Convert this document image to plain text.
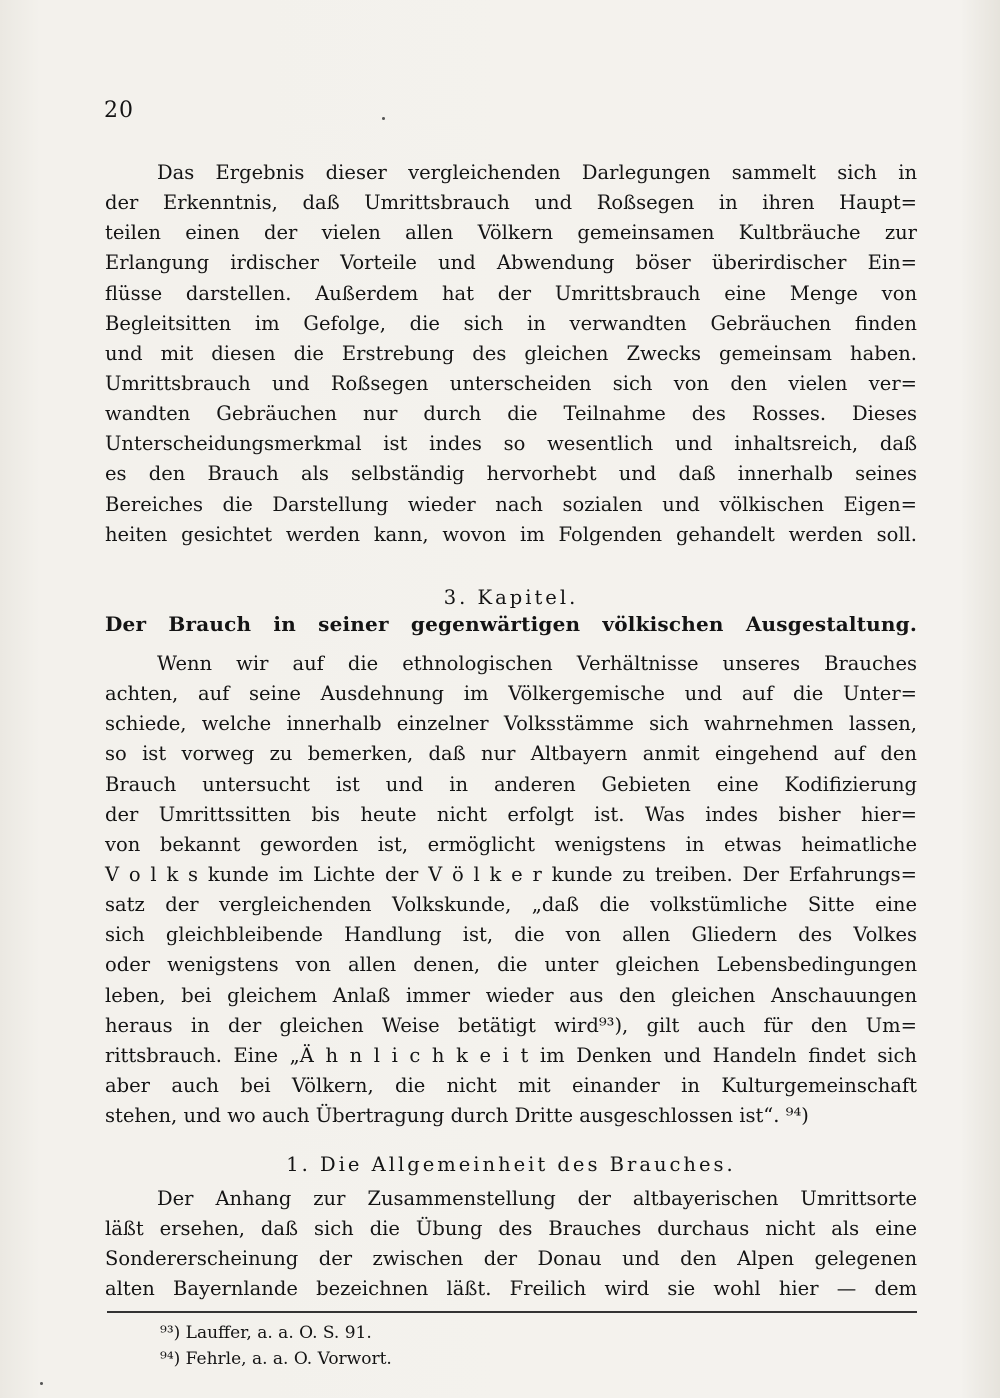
20
Das Ergebnis dieser vergleichenden Darlegungen sammelt sich in
der Erkenntnis, daß Umrittsbrauch und Roßsegen in ihren Haupt=
teilen einen der vielen allen Völkern gemeinsamen Kultbräuche zur
Erlangung irdischer Vorteile und Abwendung böser überirdischer Ein=
flüsse darstellen. Außerdem hat der Umrittsbrauch eine Menge von
Begleitsitten im Gefolge, die sich in verwandten Gebräuchen finden
und mit diesen die Erstrebung des gleichen Zwecks gemeinsam haben.
Umrittsbrauch und Roßsegen unterscheiden sich von den vielen ver=
wandten Gebräuchen nur durch die Teilnahme des Rosses. Dieses
Unterscheidungsmerkmal ist indes so wesentlich und inhaltsreich, daß
es den Brauch als selbständig hervorhebt und daß innerhalb seines
Bereiches die Darstellung wieder nach sozialen und völkischen Eigen=
heiten gesichtet werden kann, wovon im Folgenden gehandelt werden soll.
3. Kapitel.
Der Brauch in seiner gegenwärtigen völkischen Ausgestaltung.
Wenn wir auf die ethnologischen Verhältnisse unseres Brauches
achten, auf seine Ausdehnung im Völkergemische und auf die Unter=
schiede, welche innerhalb einzelner Volksstämme sich wahrnehmen lassen,
so ist vorweg zu bemerken, daß nur Altbayern anmit eingehend auf den
Brauch untersucht ist und in anderen Gebieten eine Kodifizierung
der Umrittssitten bis heute nicht erfolgt ist. Was indes bisher hier=
von bekannt geworden ist, ermöglicht wenigstens in etwas heimatliche
V o l k s kunde im Lichte der V ö l k e r kunde zu treiben. Der Erfahrungs=
satz der vergleichenden Volkskunde, „daß die volkstümliche Sitte eine
sich gleichbleibende Handlung ist, die von allen Gliedern des Volkes
oder wenigstens von allen denen, die unter gleichen Lebensbedingungen
leben, bei gleichem Anlaß immer wieder aus den gleichen Anschauungen
heraus in der gleichen Weise betätigt wird⁹³), gilt auch für den Um=
rittsbrauch. Eine „Ä h n l i c h k e i t im Denken und Handeln findet sich
aber auch bei Völkern, die nicht mit einander in Kulturgemeinschaft
stehen, und wo auch Übertragung durch Dritte ausgeschlossen ist“. ⁹⁴)
1. Die Allgemeinheit des Brauches.
Der Anhang zur Zusammenstellung der altbayerischen Umrittsorte
läßt ersehen, daß sich die Übung des Brauches durchaus nicht als eine
Sondererscheinung der zwischen der Donau und den Alpen gelegenen
alten Bayernlande bezeichnen läßt. Freilich wird sie wohl hier — dem
⁹³) Lauffer, a. a. O. S. 91.
⁹⁴) Fehrle, a. a. O. Vorwort.
